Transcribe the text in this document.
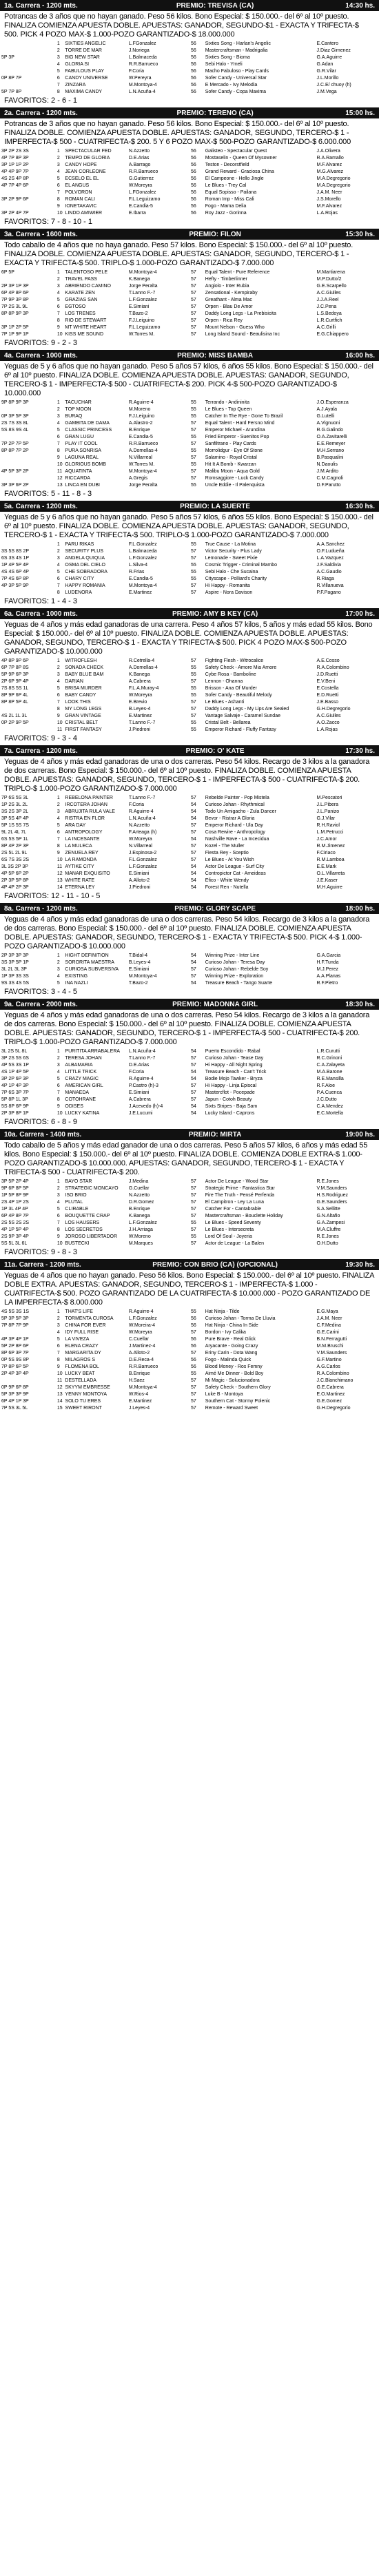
1a. Carrera - 1200 mts.	PREMIO: TREVISA (CA)	14:30 hs.
Potrancas de 3 años que no hayan ganado. Peso 56 kilos. Bono Especial: $ 150.000.- del 6º al 10º puesto. FINALIZA COMIENZA APUESTA DOBLE. APUESTAS: GANADOR, SEGUNDO-$1 - EXACTA Y TRIFECTA-$ 500. PICK 4 POZO MAX-$ 1.000-POZO GARANTIZADO-$ 18.000.000
	1	SIXTIES ANGELIC	L.FGonzalez	56	Sixties Song - Harlan's Angelic	E.Cantero
	2	TORRE DE MAR	J.Noriega	56	Mastercraftsman - Madrigalia	J.Diaz Gimenez
5P 3P	3	BIG NEW STAR	L.Balmaceda	56	Sixties Song - Bioma	G.A.Aguirre
	4	GLORIA SI	R.R.Barrueco	56	Sebi Halo - Ymeli	G.Adan
	5	FABULOUS PLAY	F.Coria	56	Macho Fabuloso - Play Cards	G.R.Vilar
0P 8P 7P	6	CANDY UNIVERSE	W.Pereyra	56	Sofer Candy - Universal Star	J.L.Morillo
	7	ZINZARA	M.Montoya-4	56	E Mercado - Ivy Melodia	J.C.E/ chuoy (h)
5P 7P 8P	8	MAXIMA CANDY	L.N.Acuña-4	56	Sofer Candy - Copa Maxima	J.M.Vega
FAVORITOS: 2 - 6 - 1
2a. Carrera - 1200 mts.	PREMIO: TERENO (CA)	15:00 hs.
Potrancas de 3 años que no hayan ganado. Peso 56 kilos. Bono Especial: $ 150.000.- del 6º al 10º puesto. FINALIZA DOBLE. COMIENZA APUESTA DOBLE. APUESTAS: GANADOR, SEGUNDO, TERCERO-$ 1 - IMPERFECTA-$ 500 - CUATRIFECTA-$ 200. 5 Y 6 POZO MAX-$ 500-POZO GARANTIZADO-$ 6.000.000
3P 2P 2S 3S	1	SPECTACULAR FED	N.Azzetto	56	Galisteo - Spectacular Quest	J.A.Olivera
4P 7P 8P 3P	2	TEMPO DE GLORIA	D.E.Arias	56	Mostaselin - Queen Of Mysowner	R.A.Ramallo
3P 1P 1P 2P	3	CANDY HOPE	A.Barrago	56	Teston - Decorstfield	M.F.Alvarez
4P 4P 9P 7P	4	JEAN CORLEONE	R.R.Barrueco	56	Grand Reward - Graciosa China	M.G.Alvarez
4S 2S 4P 8P	5	ECSELO EL EL	G.Gutierrez	56	El Campeone - Hello Jingle	M.A.Degregorio
4P 7P 4P 6P	6	EL ANGUS	W.Moreyra	56	Le Blues - Trey Cal	M.A.Degregorio
	7	POLVORON	L.FGonzalez	56	Equal Sopisso - Pailana	J.A.M. Neer
3P 2P 9P 6P	8	ROMAN CALI	F.L.Leguizamo	56	Roman Imp - Miss Cali	J.S.Morello
	9	IONETAKAVIC	E.Candia-5	56	Fogo - Mama Delia	M.F.Alvarez
3P 2P 4P 7P	10	LINDO AMIWIER	E.Ibarra	56	Roy Jazz - Gorinna	L.A.Rojas
FAVORITOS: 7 - 8 - 10 - 1
3a. Carrera - 1600 mts.	PREMIO: FILON	15:30 hs.
Todo caballo de 4 años que no haya ganado. Peso 57 kilos. Bono Especial: $ 150.000.- del 6º al 10º puesto. FINALIZA DOBLE. COMIENZA APUESTA DOBLE. APUESTAS: GANADOR, SEGUNDO, TERCERO-$ 1 - EXACTA Y TRIFECTA-$ 500. TRIPLO-$ 1.000-POZO GARANTIZADO-$ 7.000.000
6P 5P	1	TALENTOSO PELE	M.Montoya-4	57	Equal Talent - Pure Reference	M.Martiarena
	2	TRAVEL PASS	K.Banega	57	Hefty - Timberlinner	M.P.Dutto/2
2P 3P 1P 3P	3	ABRIENDO CAMINO	Jorge Peralta	57	Angiolo - Inter Rubia	G.E.Scarpello
6P 4P 8P 6P	4	KARATE ZEN	T.Lanno F.-7	57	Zensational - Kempiraby	A.C.Giulles
7P 9P 3P 8P	5	GRAZIAS SAN	L.F.Gonzalez	57	Greathant - Alma Mac	J.J.A.Reel
7P 2S 3L 9L	6	EGTOSO	E.Simiani	57	Orpen - Blau De Amor	J.C.Pena
8P 8P 9P 3P	7	LOS TRENES	T.Bazo-2	57	Daddy Long Legs - La Prebisicita	L.S.Bedoya
	8	RIO DE STEWART	F.J.Leiguino	57	Orpen - Rica Rey	L.R.Curtfich
3P 1P 2P 5P	9	MT WHITE HEART	F.L.Leguizamo	57	Mount Nelson - Guess Who	A.C.Grilli
7P 1P 9P 1P	10	KISS ME SOUND	W.Torres M.	57	Long Island Sound - Beaulisina Inc	E.G.Chiappero
FAVORITOS: 9 - 2 - 3
4a. Carrera - 1000 mts.	PREMIO: MISS BAMBA	16:00 hs.
Yeguas de 5 y 6 años que no hayan ganado. Peso 5 años 57 kilos, 6 años 55 kilos. Bono Especial: $ 150.000.- del 6º al 10º puesto. FINALIZA DOBLE. COMIENZA APUESTA DOBLE. APUESTAS: GANADOR, SEGUNDO, TERCERO-$ 1 - IMPERFECTA-$ 500 - CUATRIFECTA-$ 200. PICK 4-$ 500-POZO GARANTIZADO-$ 10.000.000
9P 8P 9P 3P	1	TACUCHAR	R.Aguirre-4	55	Terrando - Andininita	J.O.Esperanza
	2	TOP MOON	M.Moreno	55	Le Blues - Top Queen	A.J.Ayala
0P 3P 5P 3P	3	BURAQ	F.J.Leiguino	55	Catcher In The Rye - Gone To Brazil	G.Lutelli
2S 7S 3S 8L	4	GAMBITA DE DAMA	A.Alastro-2	57	Equal Talent - Hard Fersno Mind	A.Vignuoni
5S 8S 9S 4L	5	CLASSIC PRINCESS	B.Enrique	57	Emperor Michael - Arundina	R.G.Galindo
	6	GRAN LUGU	E.Candia-5	55	Fried Emperor - Suenitos Pop	O.A.Zavitarelli
7P 2P 7P 5P	7	PLAY IT COOL	R.R.Barrueco	57	Sanfiltrano - Play Cards	E.E.Remeyer
8P 8P 7P 2P	8	PURA SONRISA	A.Domellas-4	55	Morrolidgur - Eye Of Stone	M.H.Serrano
	9	LAGUNA REAL	N.Villarreal	57	Salamino - Royal Cristal	B.Pasqualini
	10	GLORIOUS BOMB	W.Torres M.	55	Hit It A Bomb - Kwarzan	N.Daoulis
4P 5P 3P 2P	11	AQUATINTA	M.Montoya-4	57	Malibu Moon - Aqua Gold	J.M.Ardito
	12	RICCARDA	A.Gregis	57	Romsaggiore - Luck Candy	C.M.Cagnoli
3P 3P 6P 2P	13	LINCA EN DUBI	Jorge Peralta	55	Uncle Eddie - Il Palenquista	D.F.Parutto
FAVORITOS: 5 - 11 - 8 - 3
5a. Carrera - 1200 mts.	PREMIO: LA SUERTE	16:30 hs.
Yeguas de 5 y 6 años que no hayan ganado. Peso 5 años 57 kilos, 6 años 55 kilos. Bono Especial: $ 150.000.- del 6º al 10º puesto. FINALIZA DOBLE. COMIENZA APUESTA DOBLE. APUESTAS: GANADOR, SEGUNDO, TERCERO-$ 1 - EXACTA Y TRIFECTA-$ 500. TRIPLO-$ 1.000-POZO GARANTIZADO-$ 7.000.000
	1	PARU RIKAS	F.L.Gonzalez	55	True Cause - La Motina	A.A.Sanchez
3S 5S 8S 2P	2	SECURITY PLUS	L.Balmaceda	57	Victor Security - Plus Lady	O.F.Ludueña
6S 3S 4S 1P	3	ANGELA QUIQUA	L.F.Gonzalez	57	Lemonade - Sweet Pixie	L.A.Vazquez
1P 4P 5P 4P	4	OSMA DEL CIELO	L.Silva-4	55	Cosmic Trigger - Criminal Mambo	J.F.Saldivia
4S 4S 6P 4P	5	CHE SOBRADORA	R.Frias	55	Sebi Halo - Che Sucaina	A.C.Gaudio
7P 4S 6P 8P	6	CHARY CITY	E.Candia-5	55	Cityscape - Polliard's Charity	R.Riaga
4P 3P 5P 9P	7	HAPPY ROMANIA	M.Montoya-4	57	Hi Happy - Romanita	R.Villanueva
	8	LUDENORA	E.Martinez	57	Aspire - Nora Davison	P.F.Pagano
FAVORITOS: 1 - 4 - 3
6a. Carrera - 1000 mts.	PREMIO: AMY B KEY (CA)	17:00 hs.
Yeguas de 4 años y más edad ganadoras de una carrera. Peso 4 años 57 kilos, 5 años y más edad 55 kilos. Bono Especial: $ 150.000.- del 6º al 10º puesto. FINALIZA DOBLE. COMIENZA APUESTA DOBLE. APUESTAS: GANADOR, SEGUNDO, TERCERO-$ 1 - EXACTA Y TRIFECTA-$ 500. PICK 4 POZO MAX-$ 500-POZO GARANTIZADO-$ 10.000.000
4P 8P 9P 6P	1	WITROFLESH	R.Cetrella-4	57	Fighting Flesh - Witrocalice	A.E.Cosso
6P 7P 8P 8S	2	SONADA CHECK	A.Domellas-4	55	Safety Check - Amore Mia Amore	R.A.Colombino
5P 9P 6P 3P	3	BABY BLUE BAM	K.Banega	55	Cybe Rosa - Bamboline	J.D.Ruetti
2P 6P 9P 4P	4	DARIAN	A.Cabrera	57	Lennon - Ohanna	E.V.Beni
7S 8S 5S 1L	5	BRISA MURDER	F.L.A.Muray-4	55	Brisson - Ana Of Murder	E.Costella
8P 9P 6P 4L	6	BABY CANDY	W.Moreyra	55	Sofer Candy - Beautiful Melody	E.D.Ruetti
8P 8P 5P 4L	7	LOOK THIS	E.Brevio	57	Le Blues - Ashanti	J.E.Basso
	8	MY LONG LEGS	B.Leyes-4	57	Daddy Long Legs - My Lips Are Sealed	G.H.Degregorio
4S 2L 1L 3L	9	GRAN VINTAGE	E.Martinez	57	Vantage Salvaje - Caramel Sundae	A.C.Giulles
0P 2P 9P 5P	10	CRISTAL BELT	T.Lanno F.-7	55	Cristal Belt - Bellarea	A.O.Zacco
	11	FIRST FANTASY	J.Piedroni	55	Emperor Richard - Fluffy Fantasy	L.A.Rojas
FAVORITOS: 9 - 3 - 4
7a. Carrera - 1200 mts.	PREMIO: O' KATE	17:30 hs.
Yeguas de 4 años y más edad ganadoras de una o dos carreras. Peso 54 kilos. Recargo de 3 kilos a la ganadora de dos carreras. Bono Especial: $ 150.000.- del 6º al 10º puesto. FINALIZA DOBLE. COMIENZA APUESTA DOBLE. APUESTAS: GANADOR, SEGUNDO, TERCERO-$ 1 - IMPERFECTA-$ 500 - CUATRIFECTA-$ 200. TRIPLO-$ 1.000-POZO GARANTIZADO-$ 7.000.000
7P 6S 5S 3L	1	REBELONA PAINTER	T.Lanno F.-7	57	Rebelde Painter - Pop Mistela	M.Pescatori
1P 2S 3L 2L	2	IRCOTERA JOHAN	F.Coria	54	Curioso Johan - Rhythmical	J.L.Pibera
3S 2S 3P 2L	3	ABRUJITA RULA VALE	R.Aguirre-4	54	Todo Un Amigacho - Zula Dancer	J.L.Panizo
3P 5S 4P 4P	4	RISTRA EN FLOR	L.N.Acuña-4	54	Bevor - Ristrar A Gloria	G.J.Vilar
5P 1S 5S 7S	5	ARA DAY	N.Azzetto	57	Emperor Richard - Ula Day	R.H.Raviol
9L 2L 4L 7L	6	ANTROPOLOGY	F.Arteaga (h)	57	Cosa Rewire - Anthropology	L.M.Petrucci
6S 5S 5P 1L	7	LA INCESANTE	W.Moreyra	54	Nashville Rave - La Incecidua	J.C.Amor
8P 4P 2P 3P	8	LA MULECA	N.Villarreal	57	Kozel - The Muller	R.M.Jimenez
2S 5L 2L 9L	9	ZENUELA REY	J.Espinosa-2	57	Fiesta Rey - Sceptio	F.Ciriaco
6S 7S 3S 2S	10	LA RAMONDA	F.L.Gonzalez	57	Le Blues - At You Wish	R.M.Lamboa
3L 3S 2P 3P	11	AYTIKE CITY	L.F.Gonzalez	54	Actor De League - Surf City	E.E.Mark
4P 5P 6P 2P	12	MANAR EXQUISITO	E.Simiani	54	Contropictor Cat - Ameideas	O.L.Villarreta
2P 3P 5P 8P	13	WHITE RATE	A.Alloto-2	54	Efico - White Wendy	J.E.Kaser
4P 4P 2P 3P	14	ETERNA LEY	J.Piedroni	54	Forest Ren - Nutella	M.H.Aguirre
FAVORITOS: 12 - 11 - 10 - 5
8a. Carrera - 1200 mts.	PREMIO: GLORY SCAPE	18:00 hs.
Yeguas de 4 años y más edad ganadoras de una o dos carreras. Peso 54 kilos. Recargo de 3 kilos a la ganadora de dos carreras. Bono Especial: $ 150.000.- del 6º al 10º puesto. FINALIZA DOBLE. COMIENZA APUESTA DOBLE. APUESTAS: GANADOR, SEGUNDO, TERCERO-$ 1 - EXACTA Y TRIFECTA-$ 500. PICK 4-$ 1.000-POZO GARANTIZADO-$ 10.000.000
2P 3P 3P 3P	1	HIGHT DEFINITION	T.Bidal-4	54	Winning Prize - Inter Line	G.A.Garcia
3S 3P 5P 1P	2	SORORITA MAESTRA	B.Leyes-4	54	Curioso Johan - Teresa Day	H.F.Tunda
3L 2L 3L 3P	3	CURIOSA SUBVERSIVA	E.Simiani	57	Curioso Johan - Rebelde Soy	M.J.Perez
1P 3P 3S 3S	4	EXISTING	M.Montoya-4	57	Winning Prize - Exploration	A.A.Planas
9S 3S 4S 5S	5	INA NAZLI	T.Bazo-2	54	Treasure Beach - Tango Suarte	R.F.Pietro
FAVORITOS: 3 - 4 - 5
9a. Carrera - 2000 mts.	PREMIO: MADONNA GIRL	18:30 hs.
Yeguas de 4 años y más edad ganadoras de una o dos carreras. Peso 54 kilos. Recargo de 3 kilos a la ganadora de dos carreras. Bono Especial: $ 150.000.- del 6º al 10º puesto. FINALIZA DOBLE. COMIENZA APUESTA DOBLE. APUESTAS: GANADOR, SEGUNDO, TERCERO-$ 1 - IMPERFECTA-$ 500 - CUATRIFECTA-$ 200. TRIPLO-$ 1.000-POZO GARANTIZADO-$ 7.000.000
3L 2S 5L 8L	1	PURITITA ARRABALERA	L.N.Acuña-4	54	Puerto Escondido - Rabal	L.R.Curutti
3P 2S 5S 6S	2	TERESA JOHAN	T.Lanno F.-7	57	Curioso Johan - Tease Day	R.C.Grinoni
4P 5S 3S 1P	3	ALBAMARIA	D.E.Arias	57	Hi Happy - All Night Spring	C.A.Zalayeta
4S 1P 4P 5P	4	LITTLE TRICK	F.Coria	54	Treasure Beach - Can't Trick	M.A.Barone
3P 2P 6P 3P	5	CRAZY MAGIC	R.Aguirre-4	54	Bodie Mojo Tawker - Bryza	R.E.Mansilla
4P 1P 4P 3P	6	AMERICAN GIRL	P.Castro (h)-3	57	Hi Happy - Linja Episcal	R.F.Aloe
7P 6S 3P 7P	7	MANAEDA	E.Simiani	57	Mastercflot - Pocepade	P.A.Cuenca
5P 8P 1L 3P	8	COTOHRANE	A.Cabrera	57	Japun - Cotoh Beauty	J.C.Dutto
5S 8P 6P 9P	9	ODISES	J.Acevedo (h)-4	54	Sixts Stripes - Baja Sam	C.A.Mendez
2P 3P 8P 1P	10	LUCKY KATINA	J.E.Lucumi	54	Lucky Island - Caprons	E.C.Mortella
FAVORITOS: 6 - 8 - 9
10a. Carrera - 1400 mts.	PREMIO: MIRTA	19:00 hs.
Todo caballo de 5 años y más edad ganador de una o dos carreras. Peso 5 años 57 kilos, 6 años y más edad 55 kilos. Bono Especial: $ 150.000.- del 6º al 10º puesto. FINALIZA DOBLE. COMIENZA DOBLE EXTRA-$ 1.000-POZO GARANTIZADO-$ 10.000.000. APUESTAS: GANADOR, SEGUNDO, TERCERO-$ 1 - EXACTA Y TRIFECTA-$ 500 - CUATRIFECTA-$ 200.
3P 5P 2P 4P	1	BAYO STAR	J.Medina	57	Actor De League - Wood Star	R.E.Jones
9P 6P 8P 5P	2	STRATEGIC MONCAYO	G.Cuellar	57	Strategic Prime - Fantastica Star	V.M.Saunders
1P 5P 8P 9P	3	ISO BRIO	N.Azzetto	57	Fire The Truth - Pensé Perfenda	H.S.Rodriguez
2S 4P 1P 2S	4	PLUTAL	D.R.Gomez	57	El Campitron - Ley La Luna	G.E.Saunders
1P 3L 4P 4P	5	CLIRABLE	B.Enrique	57	Catcher For - Cantabrable	S.A.Sellitte
6P 4P 8P 7P	6	BOUQUETTE CRAP	K.Banega	57	Mastercraftsman - Bouclette Holiday	G.N.Altafio
2S 5S 2S 2S	7	LOS HAUSERS	L.F.Gonzalez	55	Le Blues - Speed Seventy	G.A.Zampesi
4P 1P 5P 4P	8	LOS SECRETOS	J.H.Arriaga	57	Le Blues - Intersecreta	M.A.Cluffre
2S 9P 3P 4P	9	JOROSO LIBERTADOR	W.Moreno	55	Lord Of Soul - Joyeria	R.E.Jones
5S 5L 3L 6L	10	BUSTECKI	M.Marques	57	Actor de League - La Balen	O.H.Dutto
FAVORITOS: 9 - 8 - 3
11a. Carrera - 1200 mts.	PREMIO: CON BRIO (CA) (OPCIONAL)	19:30 hs.
Yeguas de 4 años que no hayan ganado. Peso 56 kilos. Bono Especial: $ 150.000.- del 6º al 10º puesto. FINALIZA DOBLE EXTRA. APUESTAS: GANADOR, SEGUNDO, TERCERO-$ 1 - IMPERFECTA-$ 1.000 - CUATRIFECTA-$ 500. POZO GARANTIZADO DE LA CUATRIFECTA-$ 10.000.000 - POZO GARANTIZADO DE LA IMPERFECTA-$ 8.000.000
4S 5S 3S 1S	1	THAT'S LIFE	R.Aguirre-4	55	Hat Ninja - Tilde	E.G.Maya
5P 3P 5P 3P	2	TORMENTA CUROSA	L.F.Gonzalez	56	Curioso Johan - Torma De Lluvia	J.A.M. Neer
7P 8P 7P 9P	3	CHINA FOR EVER	W.Moreira-4	56	Hat Ninja - China In Side	C.F.Medina
	4	IDY FULL RISE	W.Moreyra	57	Bordon - Ivy Calika	G.E.Carini
4P 3P 4P 1P	5	LA VIVEZA	C.Cuellar	56	Pure Brave - Real Glick	B.N.Ferragutti
5P 2P 8P 6P	6	ELENA CRAZY	J.Martinez-4	56	Aryacante - Going Crazy	M.M.Bruschi
8P 6P 3P 7P	7	MARGARITA DY	A.Alloto-2	57	Eriny Carin - Dota Wang	V.M.Saunders
0P 5S 9S 8P	8	MILAGROS S	D.E.Reca-4	56	Fogo - Malinda Quick	G.F.Martino
7P 8P 6P 5P	9	FLOMENA BOL	R.R.Barrueco	56	Blood Money - Ros Femny	A.G.Carlos
2P 4P 3P 4P	10	LUCKY BEAT	B.Enrique	55	Aimé Me Dinner - Bold Boy	R.A.Colombino
	11	DESTELLADA	H.Saez	57	Mi Magic - Solucionadora	J.C.Blanchimano
0P 9P 6P 8P	12	SKYYM EMBRESSE	M.Montoya-4	57	Safety Check - Southern Glory	G.E.Cabrera
5P 3P 3P 9P	13	YENNY MONTOYA	W.Rios-4	57	Luke B - Montoya	E.O.Martinez
6P 4P 1P 3P	14	SOLO TU ERES	E.Martinez	57	Southern Cat - Stormy Polenic	G.E.Gomez
7P 5S 3L 5L	15	SWEET RIRONT	J.Leyes-4	57	Remote - Reward Sweet	G.H.Degregorio
